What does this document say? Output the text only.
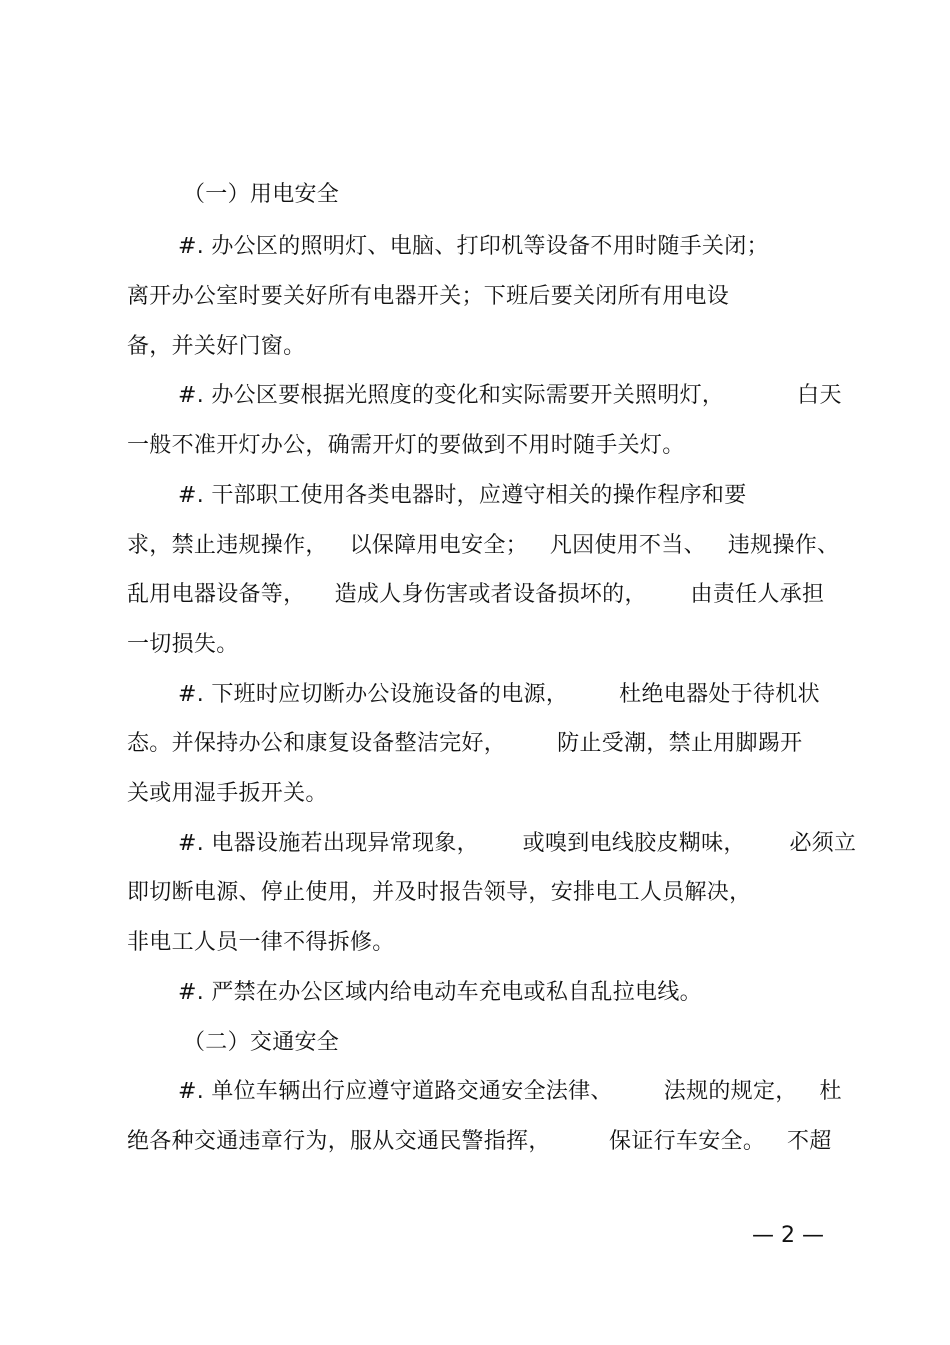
（一）用电安全
#. 办公区的照明灯、电脑、打印机等设备不用时随手关闭；
离开办公室时要关好所有电器开关；下班后要关闭所有用电设
备，并关好门窗。
#. 办公区要根据光照度的变化和实际需要开关照明灯，          白天
一般不准开灯办公，确需开灯的要做到不用时随手关灯。
#. 干部职工使用各类电器时，应遵守相关的操作程序和要
求，禁止违规操作，   以保障用电安全；   凡因使用不当、   违规操作、
乱用电器设备等，    造成人身伤害或者设备损坏的，      由责任人承担
一切损失。
#. 下班时应切断办公设施设备的电源，       杜绝电器处于待机状
态。并保持办公和康复设备整洁完好，       防止受潮，禁止用脚踢开
关或用湿手扳开关。
#. 电器设施若出现异常现象，      或嗅到电线胶皮糊味，      必须立
即切断电源、停止使用，并及时报告领导，安排电工人员解决，
非电工人员一律不得拆修。
#. 严禁在办公区域内给电动车充电或私自乱拉电线。
（二）交通安全
#. 单位车辆出行应遵守道路交通安全法律、       法规的规定，   杜
绝各种交通违章行为，服从交通民警指挥，        保证行车安全。   不超
— 2 —
